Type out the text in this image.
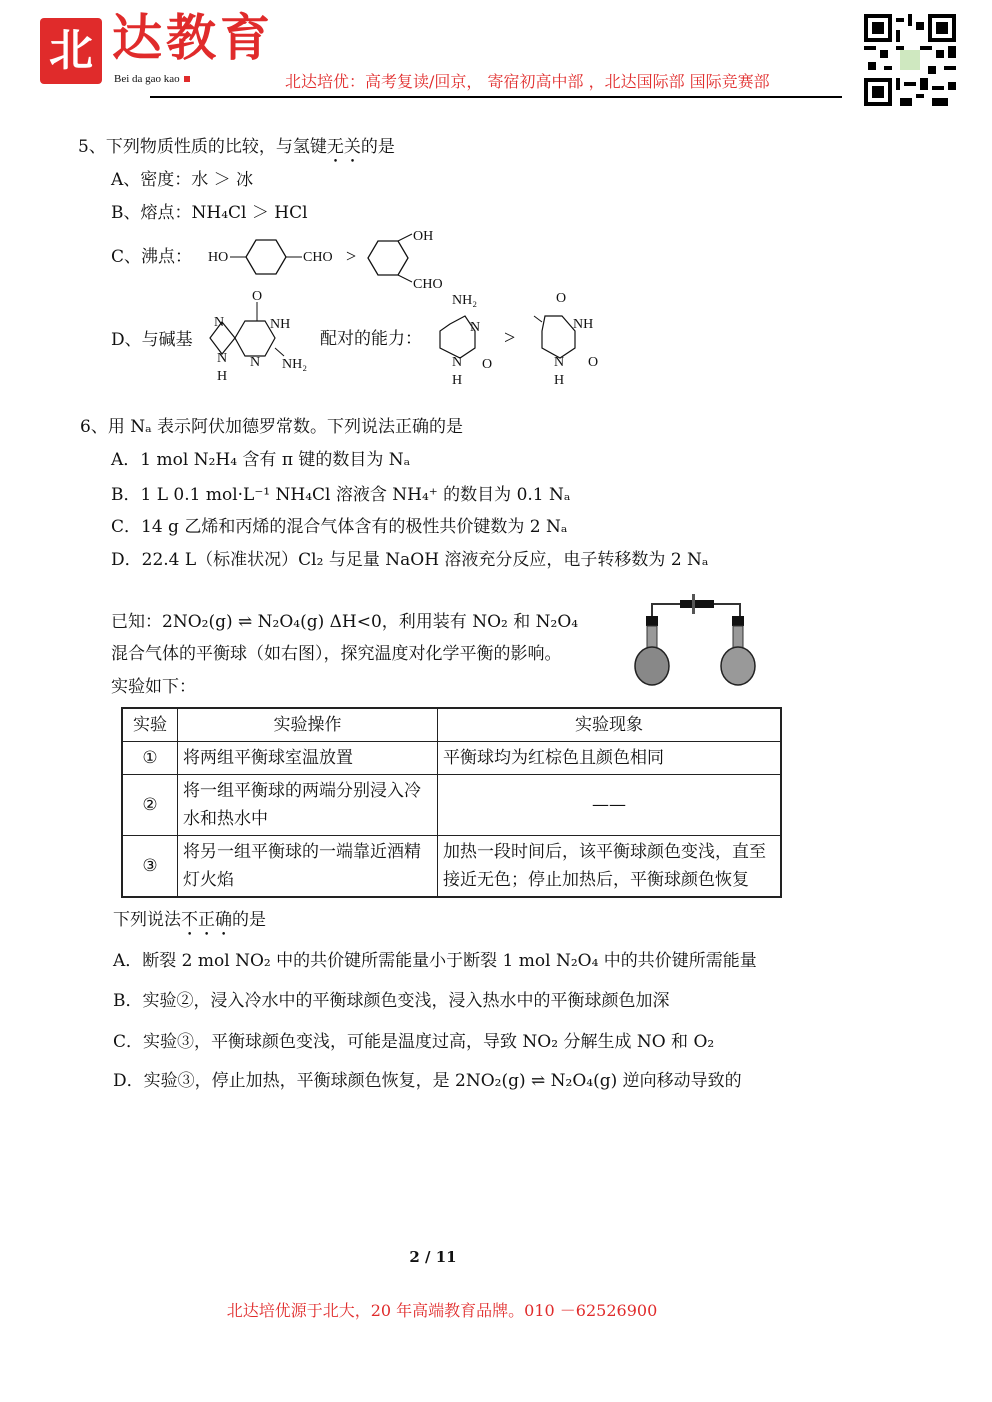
北 达教育
Bei da gao kao	北达培优：高考复读/回京， 寄宿初高中部 ，北达国际部 国际竞赛部
5、下列物质性质的比较，与氢键无关的是
A、密度：水 ＞ 冰
B、熔点：NH₄Cl ＞ HCl
C、沸点： HO	CHO >
OH
CHO
D、与碱基
O
N	NH
N
N
H
NH₂
配对的能力：
NH₂
N
N
H
O
>
O
NH
N
H
O
6、用 Nₐ 表示阿伏加德罗常数。下列说法正确的是
A．1 mol N₂H₄ 含有 π 键的数目为 Nₐ
B．1 L 0.1 mol·L⁻¹ NH₄Cl 溶液含 NH₄⁺ 的数目为 0.1 Nₐ
C．14 g 乙烯和丙烯的混合气体含有的极性共价键数为 2 Nₐ
D．22.4 L（标准状况）Cl₂ 与足量 NaOH 溶液充分反应，电子转移数为 2 Nₐ
已知：2NO₂(g) ⇌ N₂O₄(g) ΔH<0，利用装有 NO₂ 和 N₂O₄
混合气体的平衡球（如右图），探究温度对化学平衡的影响。
实验如下：
实验	实验操作	实验现象
①	将两组平衡球室温放置	平衡球均为红棕色且颜色相同
②	将一组平衡球的两端分别浸入冷水和热水中	——
③	将另一组平衡球的一端靠近酒精灯火焰	加热一段时间后，该平衡球颜色变浅，直至接近无色；停止加热后，平衡球颜色恢复
下列说法不正确的是
A．断裂 2 mol NO₂ 中的共价键所需能量小于断裂 1 mol N₂O₄ 中的共价键所需能量
B．实验②，浸入冷水中的平衡球颜色变浅，浸入热水中的平衡球颜色加深
C．实验③，平衡球颜色变浅，可能是温度过高，导致 NO₂ 分解生成 NO 和 O₂
D．实验③，停止加热，平衡球颜色恢复，是 2NO₂(g) ⇌ N₂O₄(g) 逆向移动导致的
2 / 11
北达培优源于北大，20 年高端教育品牌。010 －62526900
